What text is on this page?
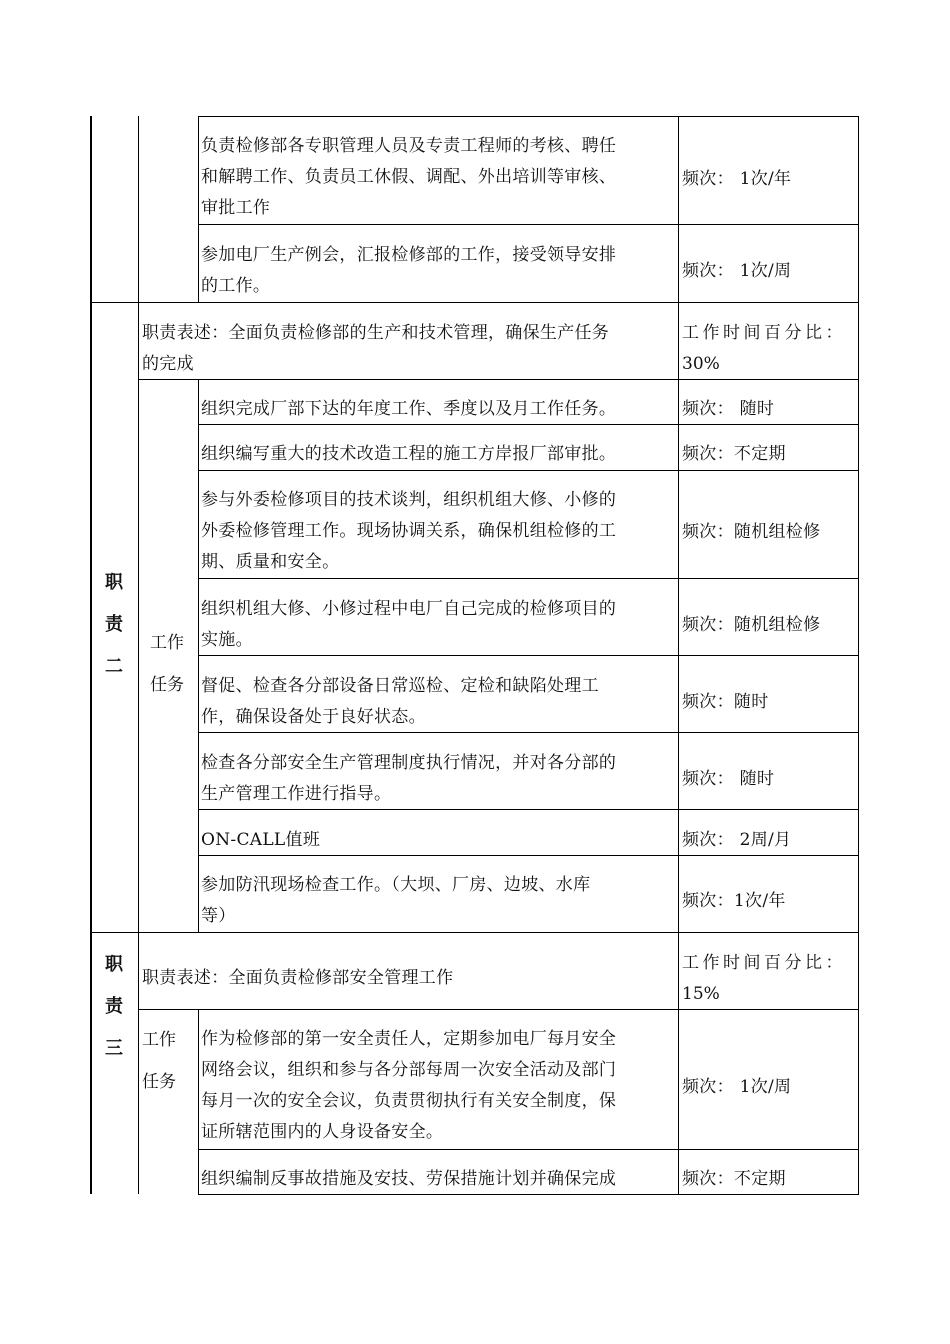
负责检修部各专职管理人员及专责工程师的考核、聘任
和解聘工作、负责员工休假、调配、外出培训等审核、
审批工作
频次： 1次/年
参加电厂生产例会，汇报检修部的工作，接受领导安排
的工作。
频次： 1次/周
职
责
二
职责表述：全面负责检修部的生产和技术管理，确保生产任务
的完成
工作时间百分比：
30%
工作
任务
组织完成厂部下达的年度工作、季度以及月工作任务。	频次： 随时
组织编写重大的技术改造工程的施工方岸报厂部审批。	频次：不定期
参与外委检修项目的技术谈判，组织机组大修、小修的
外委检修管理工作。现场协调关系，确保机组检修的工
期、质量和安全。
频次：随机组检修
组织机组大修、小修过程中电厂自己完成的检修项目的
实施。
频次：随机组检修
督促、检查各分部设备日常巡检、定检和缺陷处理工
作，确保设备处于良好状态。
频次：随时
检查各分部安全生产管理制度执行情况，并对各分部的
生产管理工作进行指导。
频次： 随时
ON-CALL值班	频次： 2周/月
参加防汛现场检查工作。（大坝、厂房、边坡、水库
等）
频次：1次/年
职
责
三
职责表述：全面负责检修部安全管理工作
工作时间百分比：
15%
工作
任务
作为检修部的第一安全责任人，定期参加电厂每月安全
网络会议，组织和参与各分部每周一次安全活动及部门
每月一次的安全会议，负责贯彻执行有关安全制度，保
证所辖范围内的人身设备安全。
频次： 1次/周
组织编制反事故措施及安技、劳保措施计划并确保完成	频次：不定期
